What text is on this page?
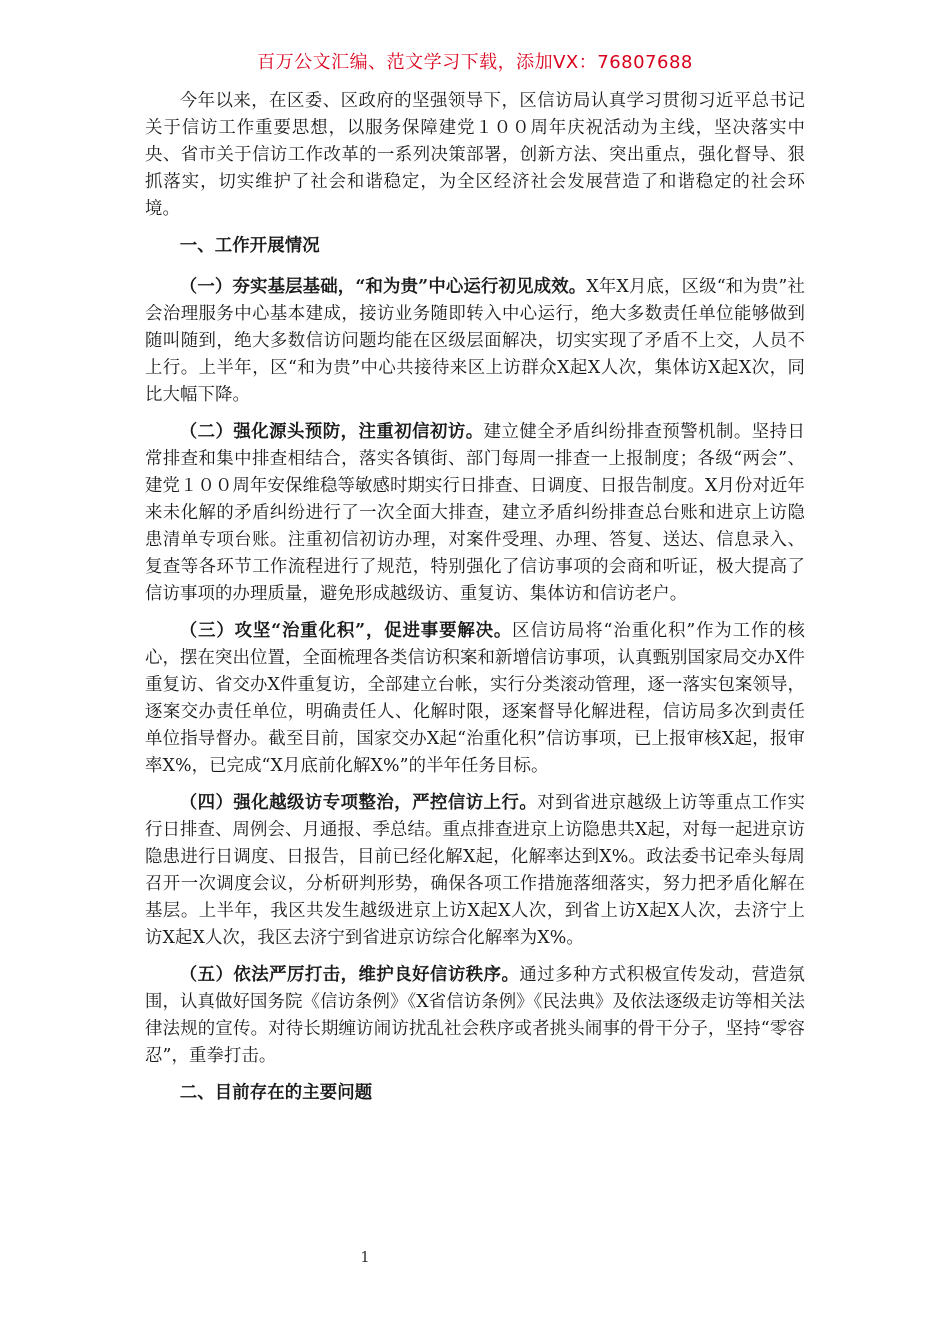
百万公文汇编、范文学习下载，添加VX：76807688

今年以来，在区委、区政府的坚强领导下，区信访局认真学习贯彻习近平总书记关于信访工作重要思想，以服务保障建党１００周年庆祝活动为主线，坚决落实中央、省市关于信访工作改革的一系列决策部署，创新方法、突出重点，强化督导、狠抓落实，切实维护了社会和谐稳定，为全区经济社会发展营造了和谐稳定的社会环境。

一、工作开展情况

（一）夯实基层基础，“和为贵”中心运行初见成效。X年X月底，区级“和为贵”社会治理服务中心基本建成，接访业务随即转入中心运行，绝大多数责任单位能够做到随叫随到，绝大多数信访问题均能在区级层面解决，切实实现了矛盾不上交，人员不上行。上半年，区“和为贵”中心共接待来区上访群众X起X人次，集体访X起X次，同比大幅下降。

（二）强化源头预防，注重初信初访。建立健全矛盾纠纷排查预警机制。坚持日常排查和集中排查相结合，落实各镇街、部门每周一排查一上报制度；各级“两会”、建党１００周年安保维稳等敏感时期实行日排查、日调度、日报告制度。X月份对近年来未化解的矛盾纠纷进行了一次全面大排查，建立矛盾纠纷排查总台账和进京上访隐患清单专项台账。注重初信初访办理，对案件受理、办理、答复、送达、信息录入、复查等各环节工作流程进行了规范，特别强化了信访事项的会商和听证，极大提高了信访事项的办理质量，避免形成越级访、重复访、集体访和信访老户。

（三）攻坚“治重化积”，促进事要解决。区信访局将“治重化积”作为工作的核心，摆在突出位置，全面梳理各类信访积案和新增信访事项，认真甄别国家局交办X件重复访、省交办X件重复访，全部建立台帐，实行分类滚动管理，逐一落实包案领导，逐案交办责任单位，明确责任人、化解时限，逐案督导化解进程，信访局多次到责任单位指导督办。截至目前，国家交办X起“治重化积”信访事项，已上报审核X起，报审率X%，已完成“X月底前化解X%”的半年任务目标。

（四）强化越级访专项整治，严控信访上行。对到省进京越级上访等重点工作实行日排查、周例会、月通报、季总结。重点排查进京上访隐患共X起，对每一起进京访隐患进行日调度、日报告，目前已经化解X起，化解率达到X%。政法委书记牵头每周召开一次调度会议，分析研判形势，确保各项工作措施落细落实，努力把矛盾化解在基层。上半年，我区共发生越级进京上访X起X人次，到省上访X起X人次，去济宁上访X起X人次，我区去济宁到省进京访综合化解率为X%。

（五）依法严厉打击，维护良好信访秩序。通过多种方式积极宣传发动，营造氛围，认真做好国务院《信访条例》《X省信访条例》《民法典》及依法逐级走访等相关法律法规的宣传。对待长期缠访闹访扰乱社会秩序或者挑头闹事的骨干分子，坚持“零容忍”，重拳打击。

二、目前存在的主要问题

1
